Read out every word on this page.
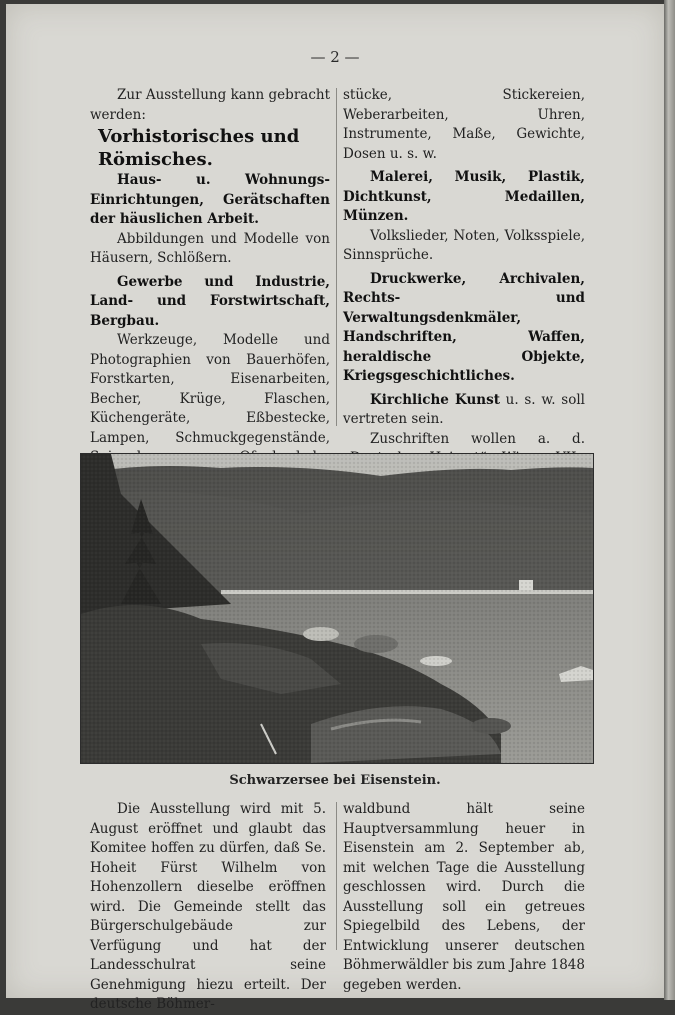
— 2 —

Zur Ausstellung kann gebracht werden:

Vorhistorisches und Römisches.

Haus- u. Wohnungs-Einrichtungen, Gerätschaften der häuslichen Arbeit.

Abbildungen und Modelle von Häusern, Schlößern.

Gewerbe und Industrie, Land- und Forstwirtschaft, Bergbau.

Werkzeuge, Modelle und Photographien von Bauerhöfen, Forstkarten, Eisenarbeiten, Becher, Krüge, Flaschen, Küchengeräte, Eßbestecke, Lampen, Schmuckgegenstände,

stücke, Stickereien, Weberarbeiten, Uhren, Instrumente, Maße, Gewichte, Dosen u. s. w.

Malerei, Musik, Plastik, Dichtkunst, Medaillen, Münzen.

Volkslieder, Noten, Volksspiele, Sinnsprüche.

Druckwerke, Archivalen, Rechts- und Verwaltungsdenkmäler, Handschriften, Waffen, heraldische Objekte, Kriegsgeschichtliches.

Kirchliche Kunst u. s. w. soll vertreten sein.

Zuschriften wollen a. d.

Schwarzersee bei Eisenstein.

Die Ausstellung wird mit 5. August eröffnet und glaubt das Komitee hoffen zu dürfen, daß Se. Hoheit Fürst Wilhelm von Hohenzollern dieselbe eröffnen wird. Die Gemeinde stellt das Bürgerschulgebäude zur Verfügung und hat der Landesschulrat seine Genehmigung hiezu erteilt. Der deutsche Böhmer-

waldbund hält seine Hauptversammlung heuer in Eisenstein am 2. September ab, mit welchen Tage die Ausstellung geschlossen wird. Durch die Ausstellung soll ein getreues Spiegelbild des Lebens, der Entwicklung unserer deutschen Böhmerwäldler bis zum Jahre 1848 gegeben werden.
